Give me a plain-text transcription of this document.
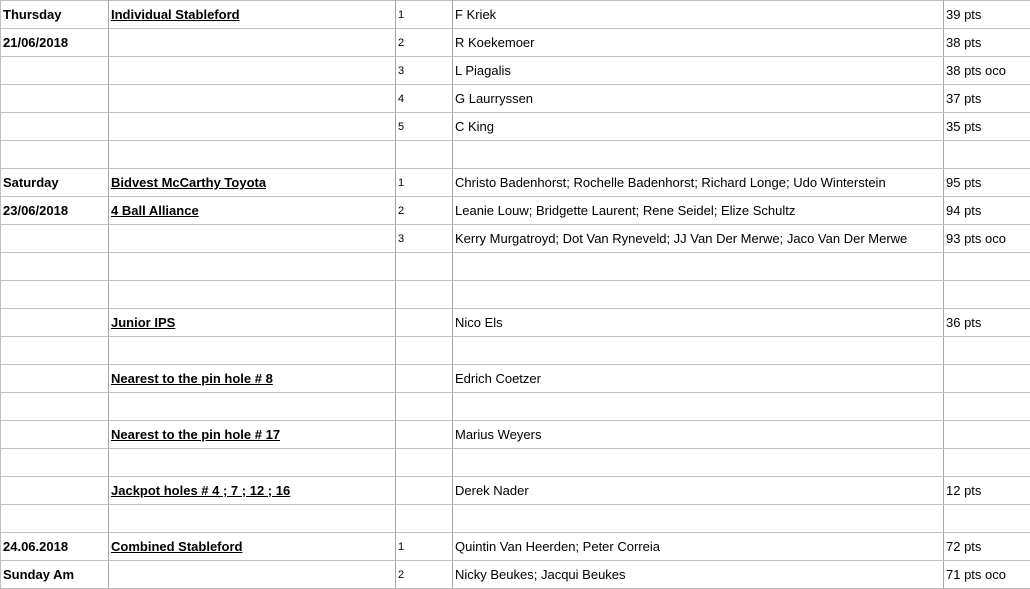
Thursday	Individual Stableford	1	F Kriek	39 pts
21/06/2018		2	R Koekemoer	38 pts
		3	L Piagalis	38 pts oco
		4	G Laurryssen	37 pts
		5	C King	35 pts

Saturday	Bidvest McCarthy Toyota	1	Christo Badenhorst; Rochelle Badenhorst; Richard Longe; Udo Winterstein	95 pts
23/06/2018	4 Ball Alliance	2	Leanie Louw; Bridgette Laurent; Rene Seidel; Elize Schultz	94 pts
		3	Kerry Murgatroyd; Dot Van Ryneveld; JJ Van Der Merwe; Jaco Van Der Merwe	93 pts oco

	Junior IPS		Nico Els	36 pts

	Nearest to the pin hole # 8		Edrich Coetzer	

	Nearest to the pin hole # 17		Marius Weyers	

	Jackpot holes # 4 ; 7 ; 12 ; 16		Derek Nader	12 pts

24.06.2018	Combined Stableford	1	Quintin Van Heerden; Peter Correia	72 pts
Sunday Am		2	Nicky Beukes; Jacqui Beukes	71 pts oco
